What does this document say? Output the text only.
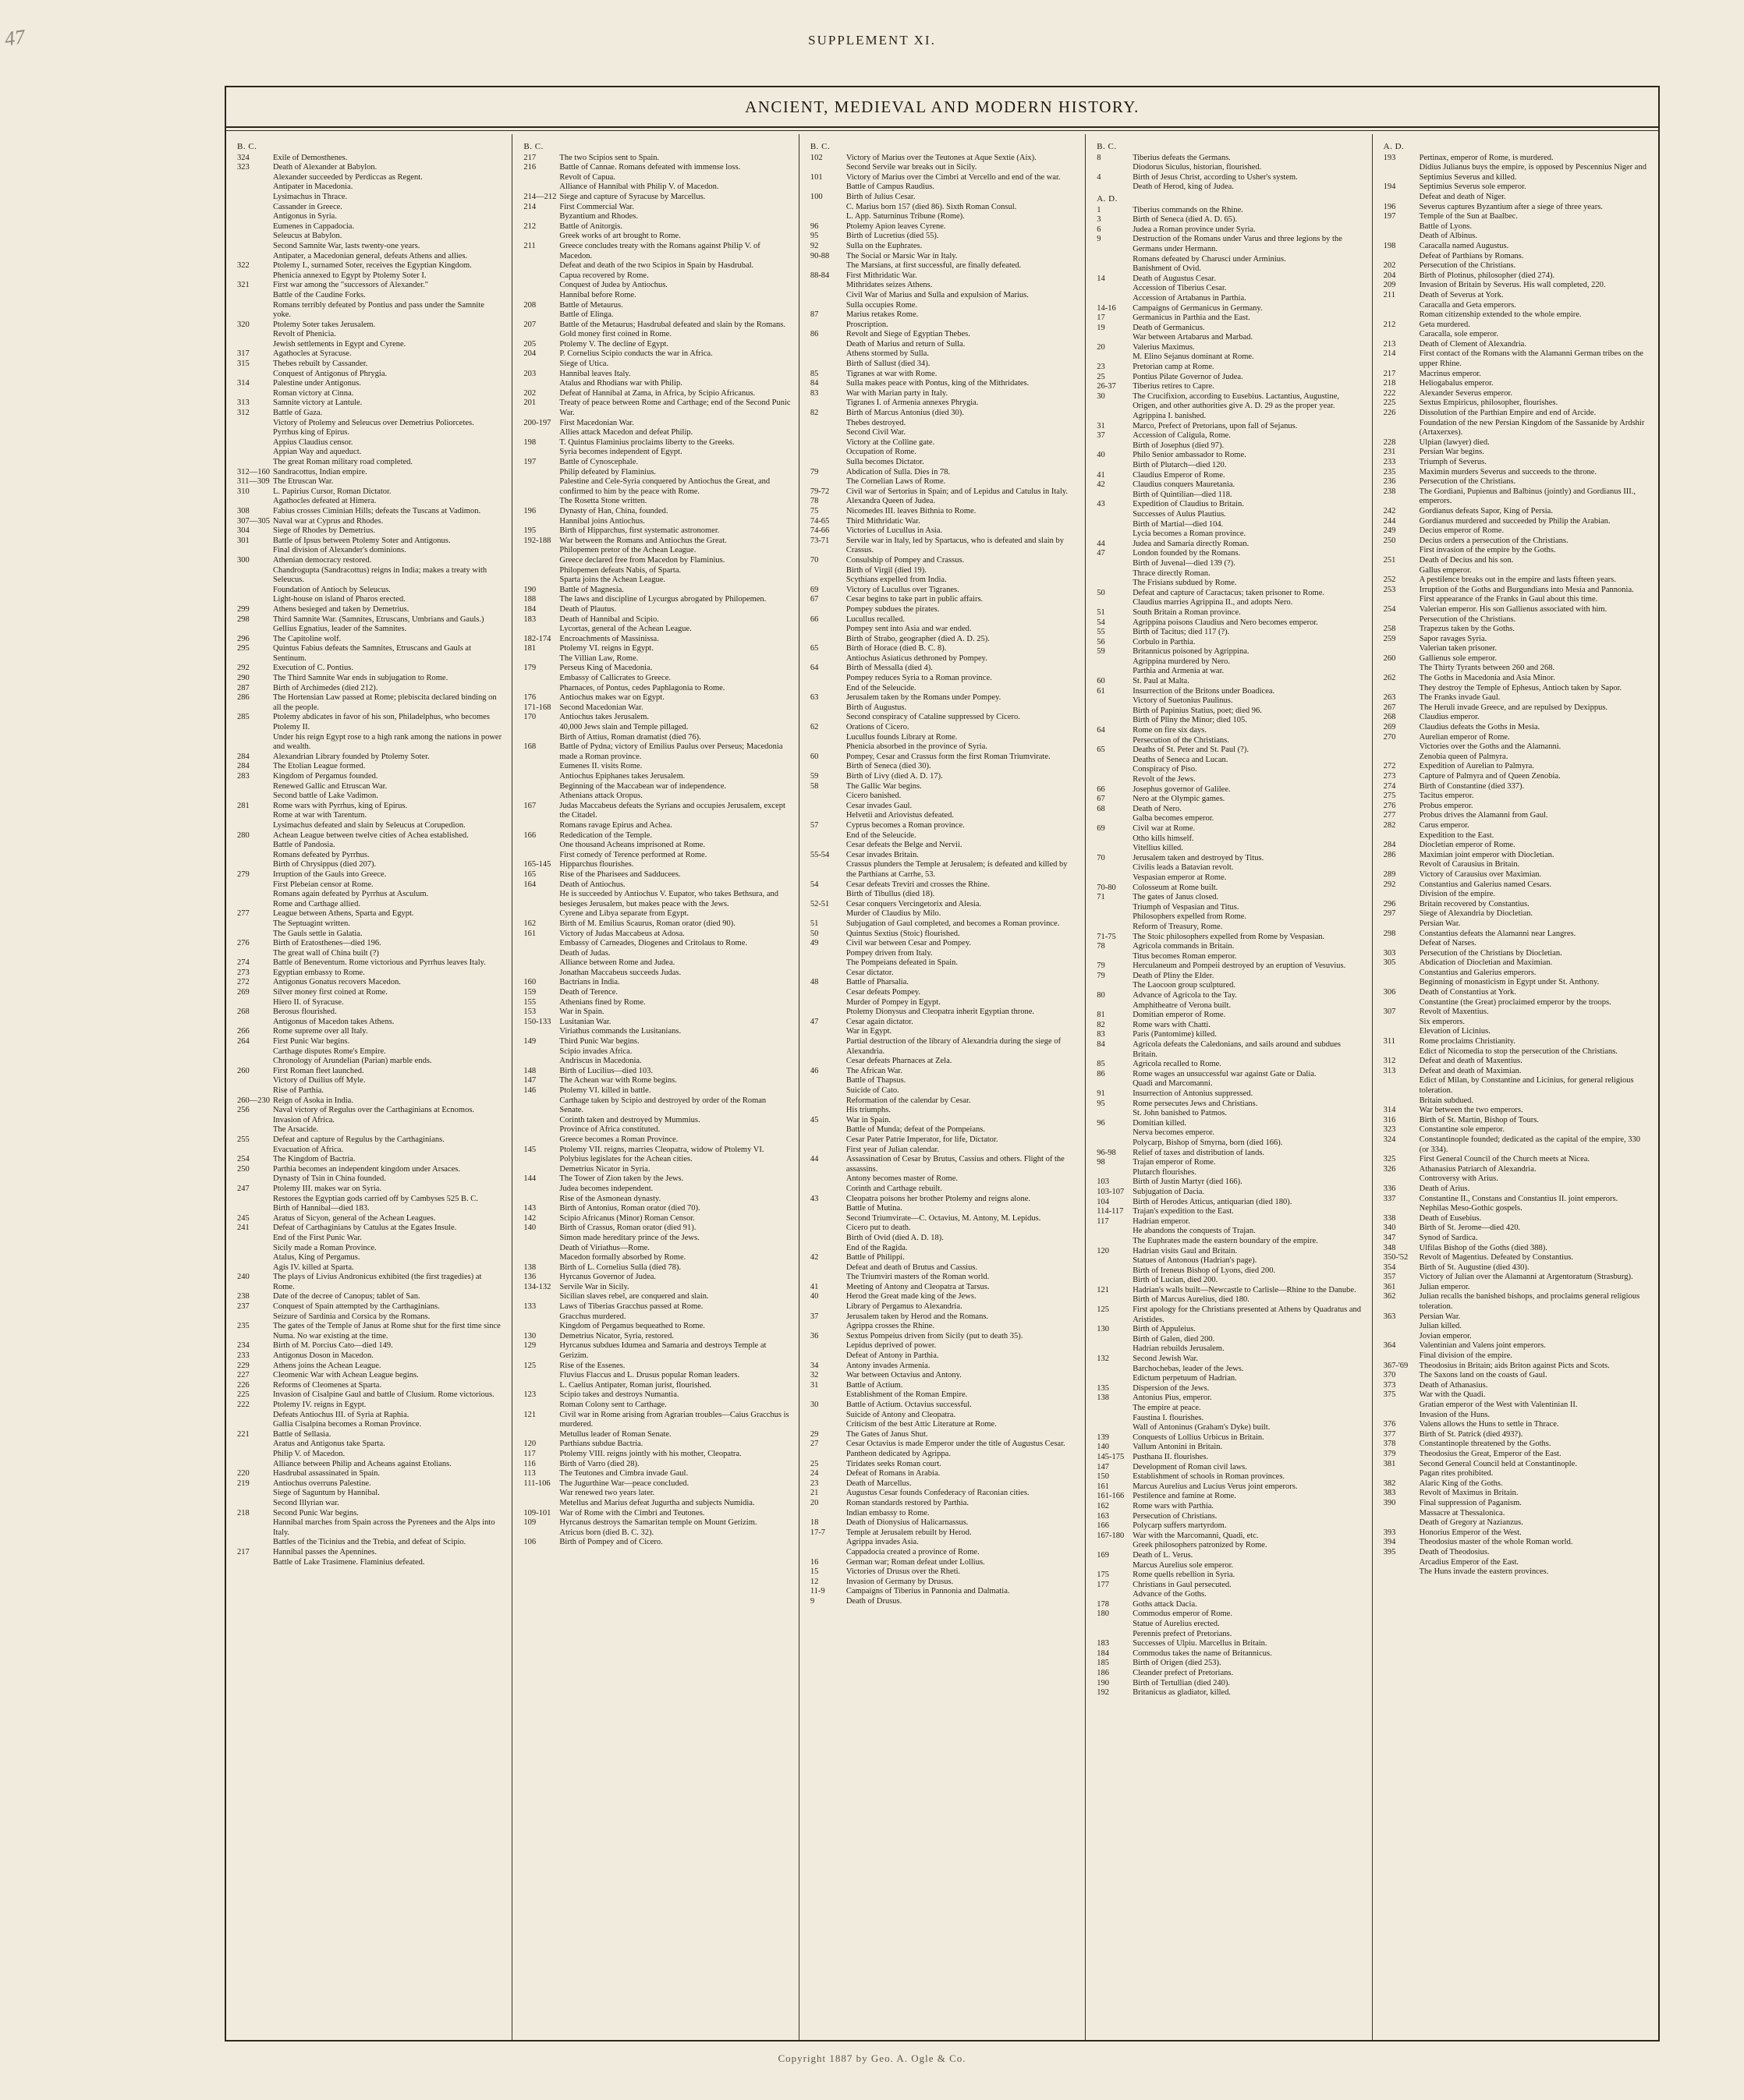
47	SUPPLEMENT XI.
ANCIENT, MEDIEVAL AND MODERN HISTORY.
B. C.
324	Exile of Demosthenes.
323	Death of Alexander at Babylon.
Alexander succeeded by Perdiccas as Regent.
Antipater in Macedonia.
Lysimachus in Thrace.
Cassander in Greece.
Antigonus in Syria.
Eumenes in Cappadocia.
Seleucus at Babylon.
Second Samnite War, lasts twenty-one years.
Antipater, a Macedonian general, defeats Athens and allies.
322	Ptolemy I., surnamed Soter, receives the Egyptian Kingdom.
Phenicia annexed to Egypt by Ptolemy Soter I.
321	First war among the "successors of Alexander."
Battle of the Caudine Forks.
Romans terribly defeated by Pontius and pass under the Samnite yoke.
320	Ptolemy Soter takes Jerusalem.
Revolt of Phenicia.
Jewish settlements in Egypt and Cyrene.
317	Agathocles at Syracuse.
315	Thebes rebuilt by Cassander.
Conquest of Antigonus of Phrygia.
314	Palestine under Antigonus.
Roman victory at Cinna.
313	Samnite victory at Lantule.
312	Battle of Gaza.
Victory of Ptolemy and Seleucus over Demetrius Poliorcetes.
Pyrrhus king of Epirus.
Appius Claudius censor.
Appian Way and aqueduct.
The great Roman military road completed.
312—160 Sandracottus, Indian empire.
311—309 The Etruscan War.
310	L. Papirius Cursor, Roman Dictator.
Agathocles defeated at Himera.
308	Fabius crosses Ciminian Hills; defeats the Tuscans at Vadimon.
307—305 Naval war at Cyprus and Rhodes.
304	Siege of Rhodes by Demetrius.
301	Battle of Ipsus between Ptolemy Soter and Antigonus.
Final division of Alexander's dominions.
300	Athenian democracy restored.
Chandrogupta (Sandracottus) reigns in India; makes a treaty with Seleucus.
Foundation of Antioch by Seleucus.
Light-house on island of Pharos erected.
299	Athens besieged and taken by Demetrius.
298	Third Samnite War. (Samnites, Etruscans, Umbrians and Gauls.)
Gellius Egnatius, leader of the Samnites.
296	The Capitoline wolf.
295	Quintus Fabius defeats the Samnites, Etruscans and Gauls at Sentinum.
292	Execution of C. Pontius.
290	The Third Samnite War ends in subjugation to Rome.
287	Birth of Archimedes (died 212).
286	The Hortensian Law passed at Rome; plebiscita declared binding on all the people.
285	Ptolemy abdicates in favor of his son, Philadelphus, who becomes Ptolemy II.
Under his reign Egypt rose to a high rank among the nations in power and wealth.
284	Alexandrian Library founded by Ptolemy Soter.
284	The Etolian League formed.
283	Kingdom of Pergamus founded.
Renewed Gallic and Etruscan War.
Second battle of Lake Vadimon.
281	Rome wars with Pyrrhus, king of Epirus.
Rome at war with Tarentum.
Lysimachus defeated and slain by Seleucus at Corupedion.
280	Achean League between twelve cities of Achea established.
Battle of Pandosia.
Romans defeated by Pyrrhus.
Birth of Chrysippus (died 207).
279	Irruption of the Gauls into Greece.
First Plebeian censor at Rome.
Romans again defeated by Pyrrhus at Asculum.
Rome and Carthage allied.
277	League between Athens, Sparta and Egypt.
The Septuagint written.
The Gauls settle in Galatia.
276	Birth of Eratosthenes—died 196.
The great wall of China built (?)
274	Battle of Beneventum. Rome victorious and Pyrrhus leaves Italy.
273	Egyptian embassy to Rome.
272	Antigonus Gonatus recovers Macedon.
269	Silver money first coined at Rome.
Hiero II. of Syracuse.
268	Berosus flourished.
Antigonus of Macedon takes Athens.
266	Rome supreme over all Italy.
264	First Punic War begins.
Carthage disputes Rome's Empire.
Chronology of Arundelian (Parian) marble ends.
260	First Roman fleet launched.
Victory of Duilius off Myle.
Rise of Parthia.
260—230 Reign of Asoka in India.
256	Naval victory of Regulus over the Carthaginians at Ecnomos.
Invasion of Africa.
The Arsacide.
255	Defeat and capture of Regulus by the Carthaginians.
Evacuation of Africa.
254	The Kingdom of Bactria.
250	Parthia becomes an independent kingdom under Arsaces.
Dynasty of Tsin in China founded.
247	Ptolemy III. makes war on Syria.
Restores the Egyptian gods carried off by Cambyses 525 B. C.
Birth of Hannibal—died 183.
245	Aratus of Sicyon, general of the Achean Leagues.
241	Defeat of Carthaginians by Catulus at the Egates Insule.
End of the First Punic War.
Sicily made a Roman Province.
Atalus, King of Pergamus.
Agis IV. killed at Sparta.
240	The plays of Livius Andronicus exhibited (the first tragedies) at Rome.
238	Date of the decree of Canopus; tablet of San.
237	Conquest of Spain attempted by the Carthaginians.
Seizure of Sardinia and Corsica by the Romans.
235	The gates of the Temple of Janus at Rome shut for the first time since Numa. No war existing at the time.
234	Birth of M. Porcius Cato—died 149.
233	Antigonus Doson in Macedon.
229	Athens joins the Achean League.
227	Cleomenic War with Achean League begins.
226	Reforms of Cleomenes at Sparta.
225	Invasion of Cisalpine Gaul and battle of Clusium. Rome victorious.
222	Ptolemy IV. reigns in Egypt.
Defeats Antiochus III. of Syria at Raphia.
Gallia Cisalpina becomes a Roman Province.
221	Battle of Sellasia.
Aratus and Antigonus take Sparta.
Philip V. of Macedon.
Alliance between Philip and Acheans against Etolians.
220	Hasdrubal assassinated in Spain.
219	Antiochus overruns Palestine.
Siege of Saguntum by Hannibal.
Second Illyrian war.
218	Second Punic War begins.
Hannibal marches from Spain across the Pyrenees and the Alps into Italy.
Battles of the Ticinius and the Trebia, and defeat of Scipio.
217	Hannibal passes the Apennines.
Battle of Lake Trasimene. Flaminius defeated.
B. C.
217	The two Scipios sent to Spain.
216	Battle of Cannae. Romans defeated with immense loss.
Revolt of Capua.
Alliance of Hannibal with Philip V. of Macedon.
214—212 Siege and capture of Syracuse by Marcellus.
214	First Commercial War.
Byzantium and Rhodes.
212	Battle of Anitorgis.
Greek works of art brought to Rome.
211	Greece concludes treaty with the Romans against Philip V. of Macedon.
Defeat and death of the two Scipios in Spain by Hasdrubal.
Capua recovered by Rome.
Conquest of Judea by Antiochus.
Hannibal before Rome.
208	Battle of Metaurus.
Battle of Elinga.
207	Battle of the Metaurus; Hasdrubal defeated and slain by the Romans.
Gold money first coined in Rome.
205	Ptolemy V. The decline of Egypt.
204	P. Cornelius Scipio conducts the war in Africa.
Siege of Utica.
203	Hannibal leaves Italy.
Atalus and Rhodians war with Philip.
202	Defeat of Hannibal at Zama, in Africa, by Scipio Africanus.
201	Treaty of peace between Rome and Carthage; end of the Second Punic War.
200-197	First Macedonian War.
Allies attack Macedon and defeat Philip.
198	T. Quintus Flaminius proclaims liberty to the Greeks.
Syria becomes independent of Egypt.
197	Battle of Cynoscephale.
Philip defeated by Flaminius.
Palestine and Cele-Syria conquered by Antiochus the Great, and confirmed to him by the peace with Rome.
The Rosetta Stone written.
196	Dynasty of Han, China, founded.
Hannibal joins Antiochus.
195	Birth of Hipparchus, first systematic astronomer.
192-188	War between the Romans and Antiochus the Great.
Philopemen pretor of the Achean League.
Greece declared free from Macedon by Flaminius.
Philopemen defeats Nabis, of Sparta.
Sparta joins the Achean League.
190	Battle of Magnesia.
188	The laws and discipline of Lycurgus abrogated by Philopemen.
184	Death of Plautus.
183	Death of Hannibal and Scipio.
Lycortas, general of the Achean League.
182-174	Encroachments of Massinissa.
181	Ptolemy VI. reigns in Egypt.
The Villian Law, Rome.
179	Perseus King of Macedonia.
Embassy of Callicrates to Greece.
Pharnaces, of Pontus, cedes Paphlagonia to Rome.
176	Antiochus makes war on Egypt.
171-168	Second Macedonian War.
170	Antiochus takes Jerusalem.
40,000 Jews slain and Temple pillaged.
Birth of Attius, Roman dramatist (died 76).
168	Battle of Pydna; victory of Emilius Paulus over Perseus; Macedonia made a Roman province.
Eumenes II. visits Rome.
Antiochus Epiphanes takes Jerusalem.
Beginning of the Maccabean war of independence.
Athenians attack Oropus.
167	Judas Maccabeus defeats the Syrians and occupies Jerusalem, except the Citadel.
Romans ravage Epirus and Achea.
166	Rededication of the Temple.
One thousand Acheans imprisoned at Rome.
First comedy of Terence performed at Rome.
165-145	Hipparchus flourishes.
165	Rise of the Pharisees and Sadducees.
164	Death of Antiochus.
He is succeeded by Antiochus V. Eupator, who takes Bethsura, and besieges Jerusalem, but makes peace with the Jews.
Cyrene and Libya separate from Egypt.
162	Birth of M. Emilius Scaurus, Roman orator (died 90).
161	Victory of Judas Maccabeus at Adosa.
Embassy of Carneades, Diogenes and Critolaus to Rome.
Death of Judas.
Alliance between Rome and Judea.
Jonathan Maccabeus succeeds Judas.
160	Bactrians in India.
159	Death of Terence.
155	Athenians fined by Rome.
153	War in Spain.
150-133	Lusitanian War.
Viriathus commands the Lusitanians.
149	Third Punic War begins.
Scipio invades Africa.
Andriscus in Macedonia.
148	Birth of Lucilius—died 103.
147	The Achean war with Rome begins.
146	Ptolemy VI. killed in battle.
Carthage taken by Scipio and destroyed by order of the Roman Senate.
Corinth taken and destroyed by Mummius.
Province of Africa constituted.
Greece becomes a Roman Province.
145	Ptolemy VII. reigns, marries Cleopatra, widow of Ptolemy VI.
Polybius legislates for the Achean cities.
Demetrius Nicator in Syria.
144	The Tower of Zion taken by the Jews.
Judea becomes independent.
Rise of the Asmonean dynasty.
143	Birth of Antonius, Roman orator (died 70).
142	Scipio Africanus (Minor) Roman Censor.
140	Birth of Crassus, Roman orator (died 91).
Simon made hereditary prince of the Jews.
Death of Viriathus—Rome.
Macedon formally absorbed by Rome.
138	Birth of L. Cornelius Sulla (died 78).
136	Hyrcanus Governor of Judea.
134-132	Servile War in Sicily.
Sicilian slaves rebel, are conquered and slain.
133	Laws of Tiberias Gracchus passed at Rome.
Gracchus murdered.
Kingdom of Pergamus bequeathed to Rome.
130	Demetrius Nicator, Syria, restored.
129	Hyrcanus subdues Idumea and Samaria and destroys Temple at Gerizim.
125	Rise of the Essenes.
Fluvius Flaccus and L. Drusus popular Roman leaders.
L. Caelius Antipater, Roman jurist, flourished.
123	Scipio takes and destroys Numantia.
Roman Colony sent to Carthage.
121	Civil war in Rome arising from Agrarian troubles—Caius Gracchus is murdered.
Metullus leader of Roman Senate.
120	Parthians subdue Bactria.
117	Ptolemy VIII. reigns jointly with his mother, Cleopatra.
116	Birth of Varro (died 28).
113	The Teutones and Cimbra invade Gaul.
111-106	The Jugurthine War—peace concluded.
War renewed two years later.
Metellus and Marius defeat Jugurtha and subjects Numidia.
109-101	War of Rome with the Cimbri and Teutones.
109	Hyrcanus destroys the Samaritan temple on Mount Gerizim.
Atricus born (died B. C. 32).
106	Birth of Pompey and of Cicero.
B. C.
102	Victory of Marius over the Teutones at Aque Sextie (Aix).
Second Servile war breaks out in Sicily.
101	Victory of Marius over the Cimbri at Vercello and end of the war.
Battle of Campus Raudius.
100	Birth of Julius Cesar.
C. Marius born 157 (died 86). Sixth Roman Consul.
L. App. Saturninus Tribune (Rome).
96	Ptolemy Apion leaves Cyrene.
95	Birth of Lucretius (died 55).
92	Sulla on the Euphrates.
90-88	The Social or Marsic War in Italy.
The Marsians, at first successful, are finally defeated.
88-84	First Mithridatic War.
Mithridates seizes Athens.
Civil War of Marius and Sulla and expulsion of Marius.
Sulla occupies Rome.
87	Marius retakes Rome.
Proscription.
86	Revolt and Siege of Egyptian Thebes.
Death of Marius and return of Sulla.
Athens stormed by Sulla.
Birth of Sallust (died 34).
85	Tigranes at war with Rome.
84	Sulla makes peace with Pontus, king of the Mithridates.
83	War with Marian party in Italy.
Tigranes I. of Armenia annexes Phrygia.
82	Birth of Marcus Antonius (died 30).
Thebes destroyed.
Second Civil War.
Victory at the Colline gate.
Occupation of Rome.
Sulla becomes Dictator.
79	Abdication of Sulla. Dies in 78.
The Cornelian Laws of Rome.
79-72	Civil war of Sertorius in Spain; and of Lepidus and Catulus in Italy.
78	Alexandra Queen of Judea.
75	Nicomedes III. leaves Bithnia to Rome.
74-65	Third Mithridatic War.
74-66	Victories of Lucullus in Asia.
73-71	Servile war in Italy, led by Spartacus, who is defeated and slain by Crassus.
70	Consulship of Pompey and Crassus.
Birth of Virgil (died 19).
Scythians expelled from India.
69	Victory of Lucullus over Tigranes.
67	Cesar begins to take part in public affairs.
Pompey subdues the pirates.
66	Lucullus recalled.
Pompey sent into Asia and war ended.
Birth of Strabo, geographer (died A. D. 25).
65	Birth of Horace (died B. C. 8).
Antiochus Asiaticus dethroned by Pompey.
64	Birth of Messalla (died 4).
Pompey reduces Syria to a Roman province.
End of the Seleucide.
63	Jerusalem taken by the Romans under Pompey.
Birth of Augustus.
Second conspiracy of Cataline suppressed by Cicero.
62	Orations of Cicero.
Lucullus founds Library at Rome.
Phenicia absorbed in the province of Syria.
60	Pompey, Cesar and Crassus form the first Roman Triumvirate.
Birth of Seneca (died 30).
59	Birth of Livy (died A. D. 17).
58	The Gallic War begins.
Cicero banished.
Cesar invades Gaul.
Helvetii and Ariovistus defeated.
57	Cyprus becomes a Roman province.
End of the Seleucide.
Cesar defeats the Belge and Nervii.
55-54	Cesar invades Britain.
Crassus plunders the Temple at Jerusalem; is defeated and killed by the Parthians at Carrhe, 53.
54	Cesar defeats Treviri and crosses the Rhine.
Birth of Tibullus (died 18).
52-51	Cesar conquers Vercingetorix and Alesia.
Murder of Claudius by Milo.
51	Subjugation of Gaul completed, and becomes a Roman province.
50	Quintus Sextius (Stoic) flourished.
49	Civil war between Cesar and Pompey.
Pompey driven from Italy.
The Pompeians defeated in Spain.
Cesar dictator.
48	Battle of Pharsalia.
Cesar defeats Pompey.
Murder of Pompey in Egypt.
Ptolemy Dionysus and Cleopatra inherit Egyptian throne.
47	Cesar again dictator.
War in Egypt.
Partial destruction of the library of Alexandria during the siege of Alexandria.
Cesar defeats Pharnaces at Zela.
46	The African War.
Battle of Thapsus.
Suicide of Cato.
Reformation of the calendar by Cesar.
His triumphs.
45	War in Spain.
Battle of Munda; defeat of the Pompeians.
Cesar Pater Patrie Imperator, for life, Dictator.
First year of Julian calendar.
44	Assassination of Cesar by Brutus, Cassius and others. Flight of the assassins.
Antony becomes master of Rome.
Corinth and Carthage rebuilt.
43	Cleopatra poisons her brother Ptolemy and reigns alone.
Battle of Mutina.
Second Triumvirate—C. Octavius, M. Antony, M. Lepidus.
Cicero put to death.
Birth of Ovid (died A. D. 18).
End of the Ragida.
42	Battle of Philippi.
Defeat and death of Brutus and Cassius.
The Triumviri masters of the Roman world.
41	Meeting of Antony and Cleopatra at Tarsus.
40	Herod the Great made king of the Jews.
Library of Pergamus to Alexandria.
37	Jerusalem taken by Herod and the Romans.
Agrippa crosses the Rhine.
36	Sextus Pompeius driven from Sicily (put to death 35).
Lepidus deprived of power.
Defeat of Antony in Parthia.
34	Antony invades Armenia.
32	War between Octavius and Antony.
31	Battle of Actium.
Establishment of the Roman Empire.
30	Battle of Actium. Octavius successful.
Suicide of Antony and Cleopatra.
Criticism of the best Attic Literature at Rome.
29	The Gates of Janus Shut.
27	Cesar Octavius is made Emperor under the title of Augustus Cesar.
Pantheon dedicated by Agrippa.
25	Tiridates seeks Roman court.
24	Defeat of Romans in Arabia.
23	Death of Marcellus.
21	Augustus Cesar founds Confederacy of Raconian cities.
20	Roman standards restored by Parthia.
Indian embassy to Rome.
18	Death of Dionysius of Halicarnassus.
17-7	Temple at Jerusalem rebuilt by Herod.
Agrippa invades Asia.
Cappadocia created a province of Rome.
16	German war; Roman defeat under Lollius.
15	Victories of Drusus over the Rheti.
12	Invasion of Germany by Drusus.
11-9	Campaigns of Tiberius in Pannonia and Dalmatia.
9	Death of Drusus.
B. C.
8	Tiberius defeats the Germans.
Diodorus Siculus, historian, flourished.
4	Birth of Jesus Christ, according to Usher's system.
Death of Herod, king of Judea.
A. D.
1	Tiberius commands on the Rhine.
3	Birth of Seneca (died A. D. 65).
6	Judea a Roman province under Syria.
9	Destruction of the Romans under Varus and three legions by the Germans under Hermann.
Romans defeated by Charusci under Arminius.
Banishment of Ovid.
14	Death of Augustus Cesar.
Accession of Tiberius Cesar.
Accession of Artabanus in Parthia.
14-16	Campaigns of Germanicus in Germany.
17	Germanicus in Parthia and the East.
19	Death of Germanicus.
War between Artabarus and Marbad.
20	Valerius Maximus.
M. Elino Sejanus dominant at Rome.
23	Pretorian camp at Rome.
25	Pontius Pilate Governor of Judea.
26-37	Tiberius retires to Capre.
30	The Crucifixion, according to Eusebius. Lactantius, Augustine, Origen, and other authorities give A. D. 29 as the proper year.
Agrippina I. banished.
31	Marco, Prefect of Pretorians, upon fall of Sejanus.
37	Accession of Caligula, Rome.
Birth of Josephus (died 97).
40	Philo Senior ambassador to Rome.
Birth of Plutarch—died 120.
41	Claudius Emperor of Rome.
42	Claudius conquers Mauretania.
Birth of Quintilian—died 118.
43	Expedition of Claudius to Britain.
Successes of Aulus Plautius.
Birth of Martial—died 104.
Lycia becomes a Roman province.
44	Judea and Samaria directly Roman.
47	London founded by the Romans.
Birth of Juvenal—died 139 (?).
Thrace directly Roman.
The Frisians subdued by Rome.
50	Defeat and capture of Caractacus; taken prisoner to Rome.
Claudius marries Agrippina II., and adopts Nero.
51	South Britain a Roman province.
54	Agrippina poisons Claudius and Nero becomes emperor.
55	Birth of Tacitus; died 117 (?).
56	Corbulo in Parthia.
59	Britannicus poisoned by Agrippina.
Agrippina murdered by Nero.
Parthia and Armenia at war.
60	St. Paul at Malta.
61	Insurrection of the Britons under Boadicea.
Victory of Suetonius Paulinus.
Birth of Papinius Statius, poet; died 96.
Birth of Pliny the Minor; died 105.
64	Rome on fire six days.
Persecution of the Christians.
65	Deaths of St. Peter and St. Paul (?).
Deaths of Seneca and Lucan.
Conspiracy of Piso.
Revolt of the Jews.
66	Josephus governor of Galilee.
67	Nero at the Olympic games.
68	Death of Nero.
Galba becomes emperor.
69	Civil war at Rome.
Otho kills himself.
Vitellius killed.
70	Jerusalem taken and destroyed by Titus.
Civilis leads a Batavian revolt.
Vespasian emperor at Rome.
70-80	Colosseum at Rome built.
71	The gates of Janus closed.
Triumph of Vespasian and Titus.
Philosophers expelled from Rome.
Reform of Treasury, Rome.
71-75	The Stoic philosophers expelled from Rome by Vespasian.
78	Agricola commands in Britain.
Titus becomes Roman emperor.
79	Herculaneum and Pompeii destroyed by an eruption of Vesuvius.
79	Death of Pliny the Elder.
The Laocoon group sculptured.
80	Advance of Agricola to the Tay.
Amphitheatre of Verona built.
81	Domitian emperor of Rome.
82	Rome wars with Chatti.
83	Paris (Pantomime) killed.
84	Agricola defeats the Caledonians, and sails around and subdues Britain.
85	Agricola recalled to Rome.
86	Rome wages an unsuccessful war against Gate or Dalia.
Quadi and Marcomanni.
91	Insurrection of Antonius suppressed.
95	Rome persecutes Jews and Christians.
St. John banished to Patmos.
96	Domitian killed.
Nerva becomes emperor.
Polycarp, Bishop of Smyrna, born (died 166).
96-98	Relief of taxes and distribution of lands.
98	Trajan emperor of Rome.
Plutarch flourishes.
103	Birth of Justin Martyr (died 166).
103-107	Subjugation of Dacia.
104	Birth of Herodes Atticus, antiquarian (died 180).
114-117	Trajan's expedition to the East.
117	Hadrian emperor.
He abandons the conquests of Trajan.
The Euphrates made the eastern boundary of the empire.
120	Hadrian visits Gaul and Britain.
Statues of Antonous (Hadrian's page).
Birth of Ireneus Bishop of Lyons, died 200.
Birth of Lucian, died 200.
121	Hadrian's walls built—Newcastle to Carlisle—Rhine to the Danube.
Birth of Marcus Aurelius, died 180.
125	First apology for the Christians presented at Athens by Quadratus and Aristides.
130	Birth of Appuleius.
Birth of Galen, died 200.
Hadrian rebuilds Jerusalem.
132	Second Jewish War.
Barchochebas, leader of the Jews.
Edictum perpetuum of Hadrian.
135	Dispersion of the Jews.
138	Antonius Pius, emperor.
The empire at peace.
Faustina I. flourishes.
Wall of Antoninus (Graham's Dyke) built.
139	Conquests of Lollius Urbicus in Britain.
140	Vallum Antonini in Britain.
145-175	Pusthana II. flourishes.
147	Development of Roman civil laws.
150	Establishment of schools in Roman provinces.
161	Marcus Aurelius and Lucius Verus joint emperors.
161-166	Pestilence and famine at Rome.
162	Rome wars with Parthia.
163	Persecution of Christians.
166	Polycarp suffers martyrdom.
167-180	War with the Marcomanni, Quadi, etc.
Greek philosophers patronized by Rome.
169	Death of L. Verus.
Marcus Aurelius sole emperor.
175	Rome quells rebellion in Syria.
177	Christians in Gaul persecuted.
Advance of the Goths.
178	Goths attack Dacia.
180	Commodus emperor of Rome.
Statue of Aurelius erected.
Perennis prefect of Pretorians.
183	Successes of Ulpiu. Marcellus in Britain.
184	Commodus takes the name of Britannicus.
185	Birth of Origen (died 253).
186	Cleander prefect of Pretorians.
190	Birth of Tertullian (died 240).
192	Britanicus as gladiator, killed.
A. D.
193	Pertinax, emperor of Rome, is murdered.
Didius Julianus buys the empire, is opposed by Pescennius Niger and Septimius Severus and killed.
194	Septimius Severus sole emperor.
Defeat and death of Niger.
196	Severus captures Byzantium after a siege of three years.
197	Temple of the Sun at Baalbec.
Battle of Lyons.
Death of Albinus.
198	Caracalla named Augustus.
Defeat of Parthians by Romans.
202	Persecution of the Christians.
204	Birth of Plotinus, philosopher (died 274).
209	Invasion of Britain by Severus. His wall completed, 220.
211	Death of Severus at York.
Caracalla and Geta emperors.
Roman citizenship extended to the whole empire.
212	Geta murdered.
Caracalla, sole emperor.
213	Death of Clement of Alexandria.
214	First contact of the Romans with the Alamanni German tribes on the upper Rhine.
217	Macrinus emperor.
218	Heliogabalus emperor.
222	Alexander Severus emperor.
225	Sextus Empiricus, philosopher, flourishes.
226	Dissolution of the Parthian Empire and end of Arcide.
Foundation of the new Persian Kingdom of the Sassanide by Ardshir (Artaxerxes).
228	Ulpian (lawyer) died.
231	Persian War begins.
233	Triumph of Severus.
235	Maximin murders Severus and succeeds to the throne.
236	Persecution of the Christians.
238	The Gordiani, Pupienus and Balbinus (jointly) and Gordianus III., emperors.
242	Gordianus defeats Sapor, King of Persia.
244	Gordianus murdered and succeeded by Philip the Arabian.
249	Decius emperor of Rome.
250	Decius orders a persecution of the Christians.
First invasion of the empire by the Goths.
251	Death of Decius and his son.
Gallus emperor.
252	A pestilence breaks out in the empire and lasts fifteen years.
253	Irruption of the Goths and Burgundians into Mesia and Pannonia.
First appearance of the Franks in Gaul about this time.
254	Valerian emperor. His son Gallienus associated with him.
Persecution of the Christians.
258	Trapezus taken by the Goths.
259	Sapor ravages Syria.
Valerian taken prisoner.
260	Gallienus sole emperor.
The Thirty Tyrants between 260 and 268.
262	The Goths in Macedonia and Asia Minor.
They destroy the Temple of Ephesus, Antioch taken by Sapor.
263	The Franks invade Gaul.
267	The Heruli invade Greece, and are repulsed by Dexippus.
268	Claudius emperor.
269	Claudius defeats the Goths in Mesia.
270	Aurelian emperor of Rome.
Victories over the Goths and the Alamanni.
Zenobia queen of Palmyra.
272	Expedition of Aurelian to Palmyra.
273	Capture of Palmyra and of Queen Zenobia.
274	Birth of Constantine (died 337).
275	Tacitus emperor.
276	Probus emperor.
277	Probus drives the Alamanni from Gaul.
282	Carus emperor.
Expedition to the East.
284	Diocletian emperor of Rome.
286	Maximian joint emperor with Diocletian.
Revolt of Carausius in Britain.
289	Victory of Carausius over Maximian.
292	Constantius and Galerius named Cesars.
Division of the empire.
296	Britain recovered by Constantius.
297	Siege of Alexandria by Diocletian.
Persian War.
298	Constantius defeats the Alamanni near Langres.
Defeat of Narses.
303	Persecution of the Christians by Diocletian.
305	Abdication of Diocletian and Maximian.
Constantius and Galerius emperors.
Beginning of monasticism in Egypt under St. Anthony.
306	Death of Constantius at York.
Constantine (the Great) proclaimed emperor by the troops.
307	Revolt of Maxentius.
Six emperors.
Elevation of Licinius.
311	Rome proclaims Christianity.
Edict of Nicomedia to stop the persecution of the Christians.
312	Defeat and death of Maxentius.
313	Defeat and death of Maximian.
Edict of Milan, by Constantine and Licinius, for general religious toleration.
Britain subdued.
314	War between the two emperors.
316	Birth of St. Martin, Bishop of Tours.
323	Constantine sole emperor.
324	Constantinople founded; dedicated as the capital of the empire, 330 (or 334).
325	First General Council of the Church meets at Nicea.
326	Athanasius Patriarch of Alexandria.
Controversy with Arius.
336	Death of Arius.
337	Constantine II., Constans and Constantius II. joint emperors.
Nephilas Meso-Gothic gospels.
338	Death of Eusebius.
340	Birth of St. Jerome—died 420.
347	Synod of Sardica.
348	Ulfilas Bishop of the Goths (died 388).
350-'52	Revolt of Magentius. Defeated by Constantius.
354	Birth of St. Augustine (died 430).
357	Victory of Julian over the Alamanni at Argentoratum (Strasburg).
361	Julian emperor.
362	Julian recalls the banished bishops, and proclaims general religious toleration.
363	Persian War.
Julian killed.
Jovian emperor.
364	Valentinian and Valens joint emperors.
Final division of the empire.
367-'69	Theodosius in Britain; aids Briton against Picts and Scots.
370	The Saxons land on the coasts of Gaul.
373	Death of Athanasius.
375	War with the Quadi.
Gratian emperor of the West with Valentinian II.
Invasion of the Huns.
376	Valens allows the Huns to settle in Thrace.
377	Birth of St. Patrick (died 493?).
378	Constantinople threatened by the Goths.
379	Theodosius the Great, Emperor of the East.
381	Second General Council held at Constantinople.
Pagan rites prohibited.
382	Alaric King of the Goths.
383	Revolt of Maximus in Britain.
390	Final suppression of Paganism.
Massacre at Thessalonica.
Death of Gregory at Nazianzus.
393	Honorius Emperor of the West.
394	Theodosius master of the whole Roman world.
395	Death of Theodosius.
Arcadius Emperor of the East.
The Huns invade the eastern provinces.
Copyright 1887 by Geo. A. Ogle & Co.
